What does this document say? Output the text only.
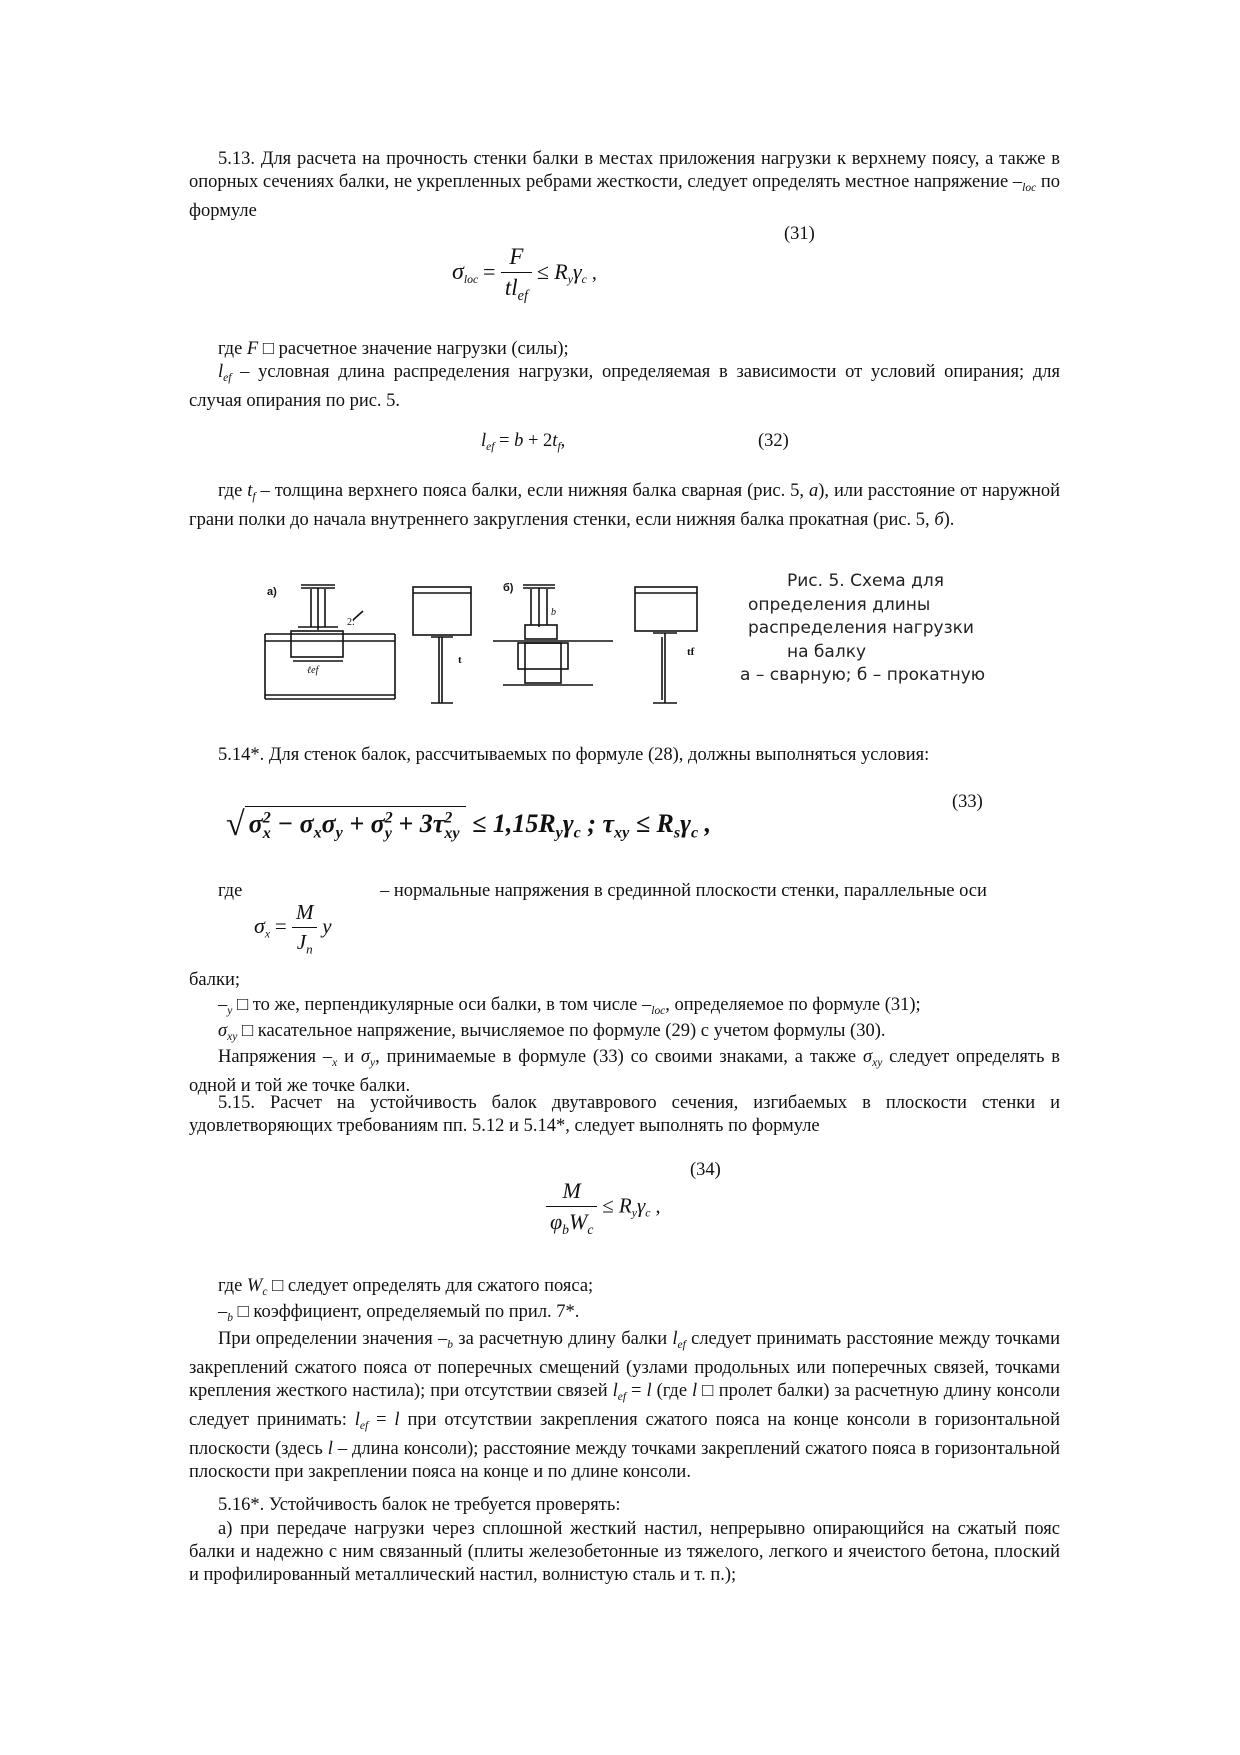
5.13. Для расчета на прочность стенки балки в местах приложения нагрузки к верхнему поясу, а также в опорных сечениях балки, не укрепленных ребрами жесткости, следует определять местное напряжение $-_{loc}$ по формуле

(31)
$\sigma_{loc} = \frac{F}{tl_{ef}} \le R_y\gamma_c$ ,

где F □ расчетное значение нагрузки (силы);

$l_{ef}$ – условная длина распределения нагрузки, определяемая в зависимости от условий опирания; для случая опирания по рис. 5.

$l_{ef} = b + 2t_f$,	(32)

где $t_f$ – толщина верхнего пояса балки, если нижняя балка сварная (рис. 5, а), или расстояние от наружной грани полки до начала внутреннего закругления стенки, если нижняя балка прокатная (рис. 5, б).

а)
ℓef
2:
t
б)
b
tf
Рис. 5. Схема для
определения длины
распределения нагрузки
на балку
а – сварную; б – прокатную

5.14*. Для стенок балок, рассчитываемых по формуле (28), должны выполняться условия:

(33)
√ $\sigma^2_x - \sigma_x\sigma_y + \sigma^2_y + 3\tau^2_{xy} \le 1,15R_y\gamma_c$ ; $\tau_{xy} \le R_s\gamma_c$ ,
где	– нормальные напряжения в срединной плоскости стенки, параллельные оси
$\sigma_x = \frac{M}{J_n}$ y

балки;

$-_y$ □ то же, перпендикулярные оси балки, в том числе $-_{loc}$, определяемое по формуле (31);

$\sigma_{xy}$ □ касательное напряжение, вычисляемое по формуле (29) с учетом формулы (30).

Напряжения $-_x$ и $\sigma_y$, принимаемые в формуле (33) со своими знаками, а также $\sigma_{xy}$ следует определять в одной и той же точке балки.

5.15. Расчет на устойчивость балок двутаврового сечения, изгибаемых в плоскости стенки и удовлетворяющих требованиям пп. 5.12 и 5.14*, следует выполнять по формуле

(34)
$\frac{M}{\varphi_bW_c} \le R_y\gamma_c$ ,

где $W_c$ □ следует определять для сжатого пояса;

$-_b$ □ коэффициент, определяемый по прил. 7*.

При определении значения $-_b$ за расчетную длину балки $l_{ef}$ следует принимать расстояние между точками закреплений сжатого пояса от поперечных смещений (узлами продольных или поперечных связей, точками крепления жесткого настила); при отсутствии связей $l_{ef} = l$ (где l □ пролет балки) за расчетную длину консоли следует принимать: $l_{ef} = l$ при отсутствии закрепления сжатого пояса на конце консоли в горизонтальной плоскости (здесь l – длина консоли); расстояние между точками закреплений сжатого пояса в горизонтальной плоскости при закреплении пояса на конце и по длине консоли.

5.16*. Устойчивость балок не требуется проверять:

а) при передаче нагрузки через сплошной жесткий настил, непрерывно опирающийся на сжатый пояс балки и надежно с ним связанный (плиты железобетонные из тяжелого, легкого и ячеистого бетона, плоский и профилированный металлический настил, волнистую сталь и т. п.);
